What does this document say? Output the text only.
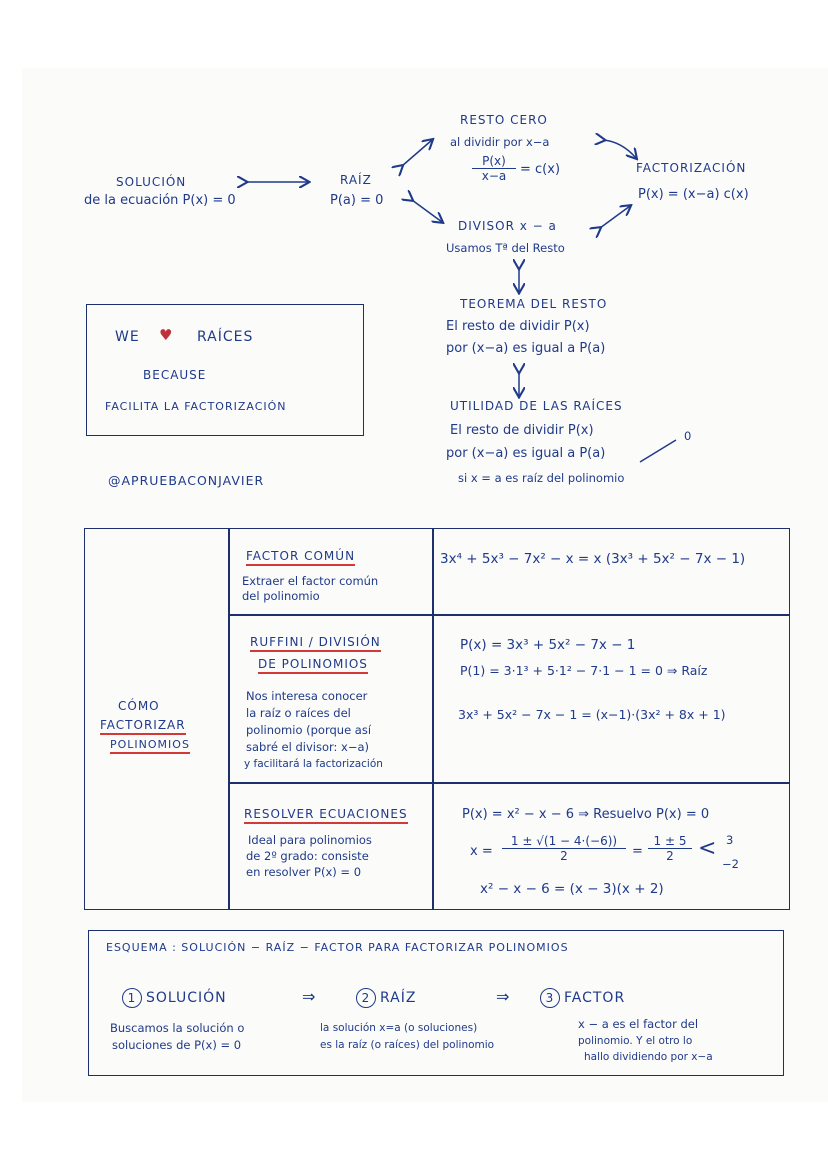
SOLUCIÓN
de la ecuación P(x) = 0
RAÍZ
P(a) = 0
RESTO CERO
al dividir por x−a
$\frac{P(x)}{x-a} = c(x)$	FACTORIZACIÓN
P(x) = (x−a) c(x)
DIVISOR x − a
Usamos Tª del Resto
TEOREMA DEL RESTO
El resto de dividir P(x)
por (x−a) es igual a P(a)
UTILIDAD DE LAS RAÍCES
El resto de dividir P(x)
por (x−a) es igual a P(a)
0
si x = a es raíz del polinomio
WE ♥ RAÍCES
BECAUSE
FACILITA LA FACTORIZACIÓN
@APRUEBACONJAVIER
CÓMO
FACTORIZAR
POLINOMIOS
FACTOR COMÚN
Extraer el factor común
del polinomio
3x⁴ + 5x³ − 7x² − x = x (3x³ + 5x² − 7x − 1)
RUFFINI / DIVISIÓN
DE POLINOMIOS
Nos interesa conocer
la raíz o raíces del
polinomio (porque así
sabré el divisor: x−a)
y facilitará la factorización
P(x) = 3x³ + 5x² − 7x − 1
P(1) = 3·1³ + 5·1² − 7·1 − 1 = 0 ⇒ Raíz
3x³ + 5x² − 7x − 1 = (x−1)·(3x² + 8x + 1)
RESOLVER ECUACIONES
Ideal para polinomios
de 2º grado: consiste
en resolver P(x) = 0
P(x) = x² − x − 6 ⇒ Resuelvo P(x) = 0
$x = \frac{1 \pm √(1 - 4\cdot(-6))}{2} = \frac{1 \pm 5}{2} < 3$
−2
x² − x − 6 = (x − 3)(x + 2)
ESQUEMA : SOLUCIÓN − RAÍZ − FACTOR PARA FACTORIZAR POLINOMIOS
1 SOLUCIÓN	⇒	2 RAÍZ	⇒	3 FACTOR
Buscamos la solución o
soluciones de P(x) = 0
la solución x=a (o soluciones)
es la raíz (o raíces) del polinomio
x − a es el factor del
polinomio. Y el otro lo
hallo dividiendo por x−a
